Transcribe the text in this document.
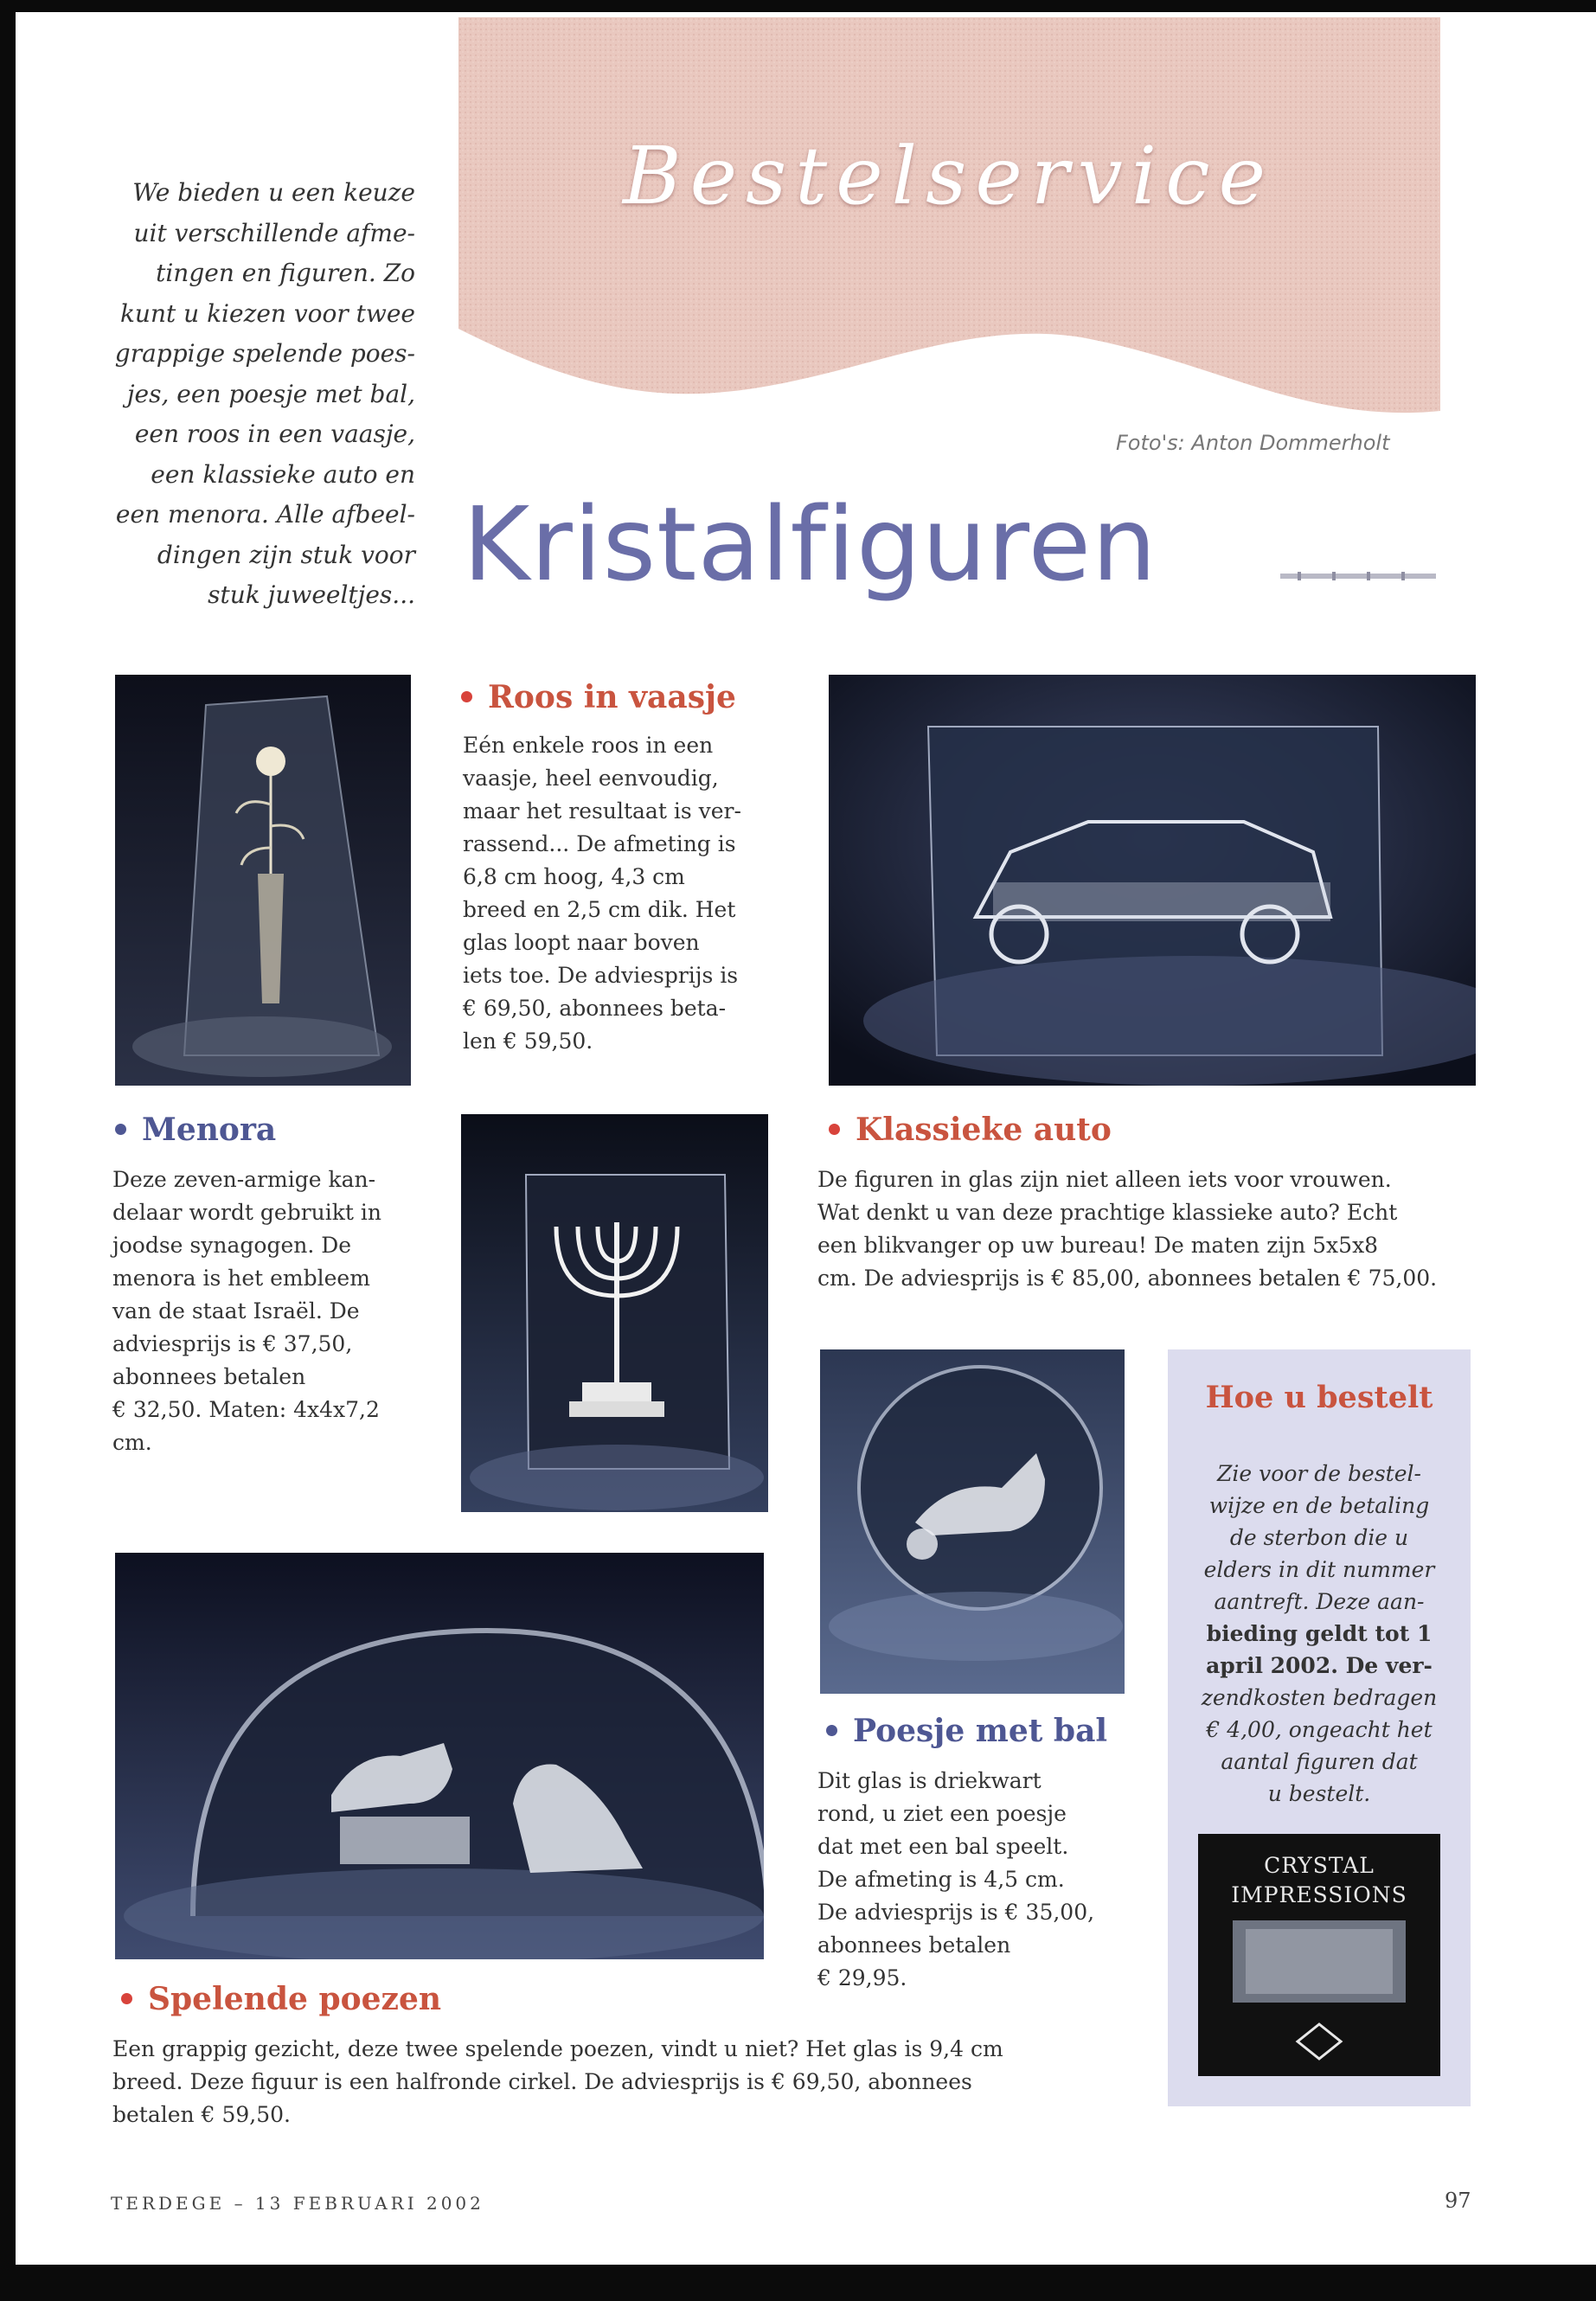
Bestelservice
Foto's: Anton Dommerholt
We bieden u een keuze
uit verschillende afme-
tingen en figuren. Zo
kunt u kiezen voor twee
grappige spelende poes-
jes, een poesje met bal,
een roos in een vaasje,
een klassieke auto en
een menora. Alle afbeel-
dingen zijn stuk voor
stuk juweeltjes... Kristalfiguren
Roos in vaasje
Eén enkele roos in een
vaasje, heel eenvoudig,
maar het resultaat is ver-
rassend... De afmeting is
6,8 cm hoog, 4,3 cm
breed en 2,5 cm dik. Het
glas loopt naar boven
iets toe. De adviesprijs is
€ 69,50, abonnees beta-
len € 59,50.
Menora
Deze zeven-armige kan-
delaar wordt gebruikt in
joodse synagogen. De
menora is het embleem
van de staat Israël. De
adviesprijs is € 37,50,
abonnees betalen
€ 32,50. Maten: 4x4x7,2
cm.
Klassieke auto
De figuren in glas zijn niet alleen iets voor vrouwen.
Wat denkt u van deze prachtige klassieke auto? Echt
een blikvanger op uw bureau! De maten zijn 5x5x8
cm. De adviesprijs is € 85,00, abonnees betalen € 75,00.
Hoe u bestelt
Zie voor de bestel-
wijze en de betaling
de sterbon die u
elders in dit nummer
aantreft. Deze aan-
bieding geldt tot 1
april 2002. De ver-
zendkosten bedragen
€ 4,00, ongeacht het
aantal figuren dat
u bestelt.
CRYSTAL
IMPRESSIONS
Poesje met bal
Dit glas is driekwart
rond, u ziet een poesje
dat met een bal speelt.
De afmeting is 4,5 cm.
De adviesprijs is € 35,00,
abonnees betalen
€ 29,95.
Spelende poezen
Een grappig gezicht, deze twee spelende poezen, vindt u niet? Het glas is 9,4 cm
breed. Deze figuur is een halfronde cirkel. De adviesprijs is € 69,50, abonnees
betalen € 59,50.
TERDEGE – 13 FEBRUARI 2002	97
